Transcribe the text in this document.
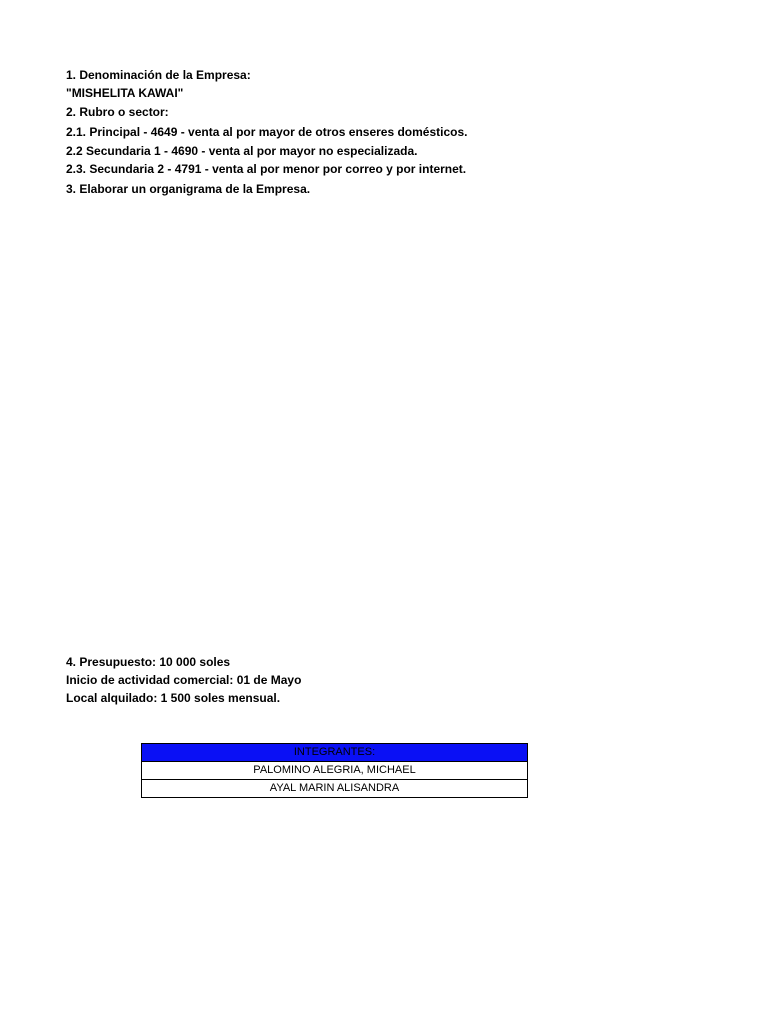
1. Denominación de la Empresa:
"MISHELITA KAWAI"
2. Rubro o sector:
2.1. Principal - 4649 - venta al por mayor de otros enseres domésticos.
2.2 Secundaria 1 - 4690 - venta al por mayor no especializada.
2.3. Secundaria 2 - 4791 - venta al por menor por correo y por internet.
3. Elaborar un organigrama de la Empresa.
4. Presupuesto: 10 000 soles
Inicio de actividad comercial: 01 de Mayo
Local alquilado: 1 500 soles mensual.
INTEGRANTES:
PALOMINO ALEGRIA, MICHAEL
AYAL MARIN ALISANDRA
